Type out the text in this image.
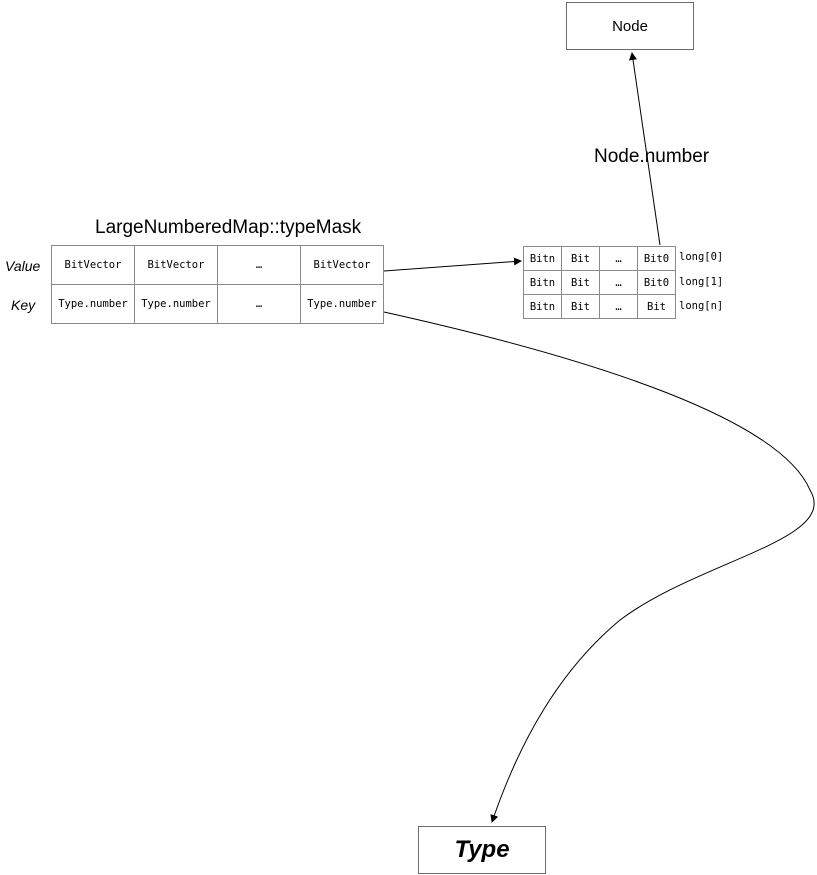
Node
Node.number
LargeNumberedMap::typeMask
Value
Key
BitVector	BitVector	…	BitVector
Type.number	Type.number	…	Type.number
Bitn	Bit	…	Bit0
Bitn	Bit	…	Bit0
Bitn	Bit	…	Bit
long[0]
long[1]
long[n]
Type
